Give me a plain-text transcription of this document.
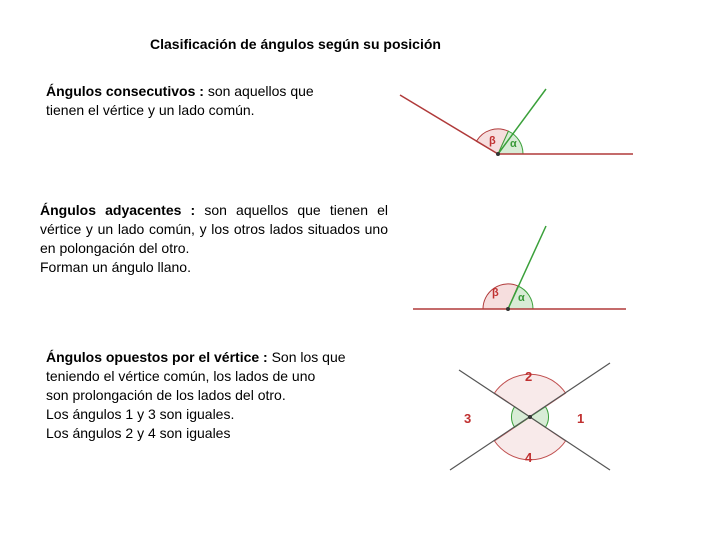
Clasificación de ángulos según su posición
Ángulos consecutivos : son aquellos que
tienen el vértice y un lado común.
Ángulos adyacentes : son aquellos que tienen el vértice y un lado común, y los otros lados situados uno en polongación del otro.
Forman un ángulo llano.
Ángulos opuestos por el vértice : Son los que
teniendo el vértice común, los lados de uno
son prolongación de los lados del otro.
Los ángulos 1 y 3 son iguales.
Los ángulos 2 y 4 son iguales
β α
β α
2
3	1
4
